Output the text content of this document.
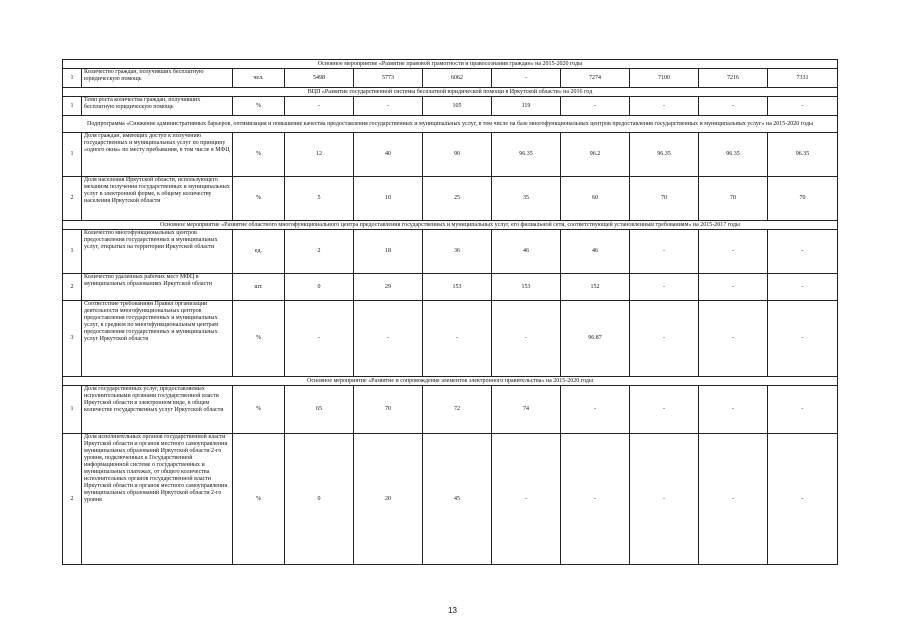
Основное мероприятие «Развитие правовой грамотности и правосознания граждан» на 2015-2020 годы										
1	Количество граждан, получивших бесплатную юридическую помощь	чел.	5498	5773	6062	-	7274	7100	7216	7331
ВЦП «Развитие государственной системы бесплатной юридической помощи в Иркутской области» на 2016 год										
1	Темп роста количества граждан, получивших бесплатную юридическую помощь	%	-	-	105	119	-	-	-	-
Подпрограмма «Снижение административных барьеров, оптимизация и повышение качества предоставления государственных и муниципальных услуг, в том числе на базе многофункциональных центров предоставления государственных и муниципальных услуг» на 2015-2020 годы										
1	Доля граждан, имеющих доступ к получению государственных и муниципальных услуг по принципу «одного окна» по месту пребывания, в том числе в МФЦ	%	12	40	90	96.35	96.2	96.35	96.35	96.35
2	Доля населения Иркутской области, использующего механизм получения государственных и муниципальных услуг в электронной форме, к общему количеству населения Иркутской области	%	5	10	25	35	60	70	70	70
Основное мероприятие «Развитие областного многофункционального центра предоставления государственных и муниципальных услуг, его филиальной сети, соответствующей установленным требованиям» на 2015-2017 годы										
1	Количество многофункциональных центров предоставления государственных и муниципальных услуг, открытых на территории Иркутской области	ед.	2	18	36	46	46	-	-	-
2	Количество удаленных рабочих мест МФЦ в муниципальных образованиях Иркутской области	шт.	0	29	153	153	152	-	-	-
3	Соответствие требованиям Правил организации деятельности многофункциональных центров предоставления государственных и муниципальных услуг, в среднем по многофункциональным центрам предоставления государственных и муниципальных услуг Иркутской области	%	-	-	-	-	96.87	-	-	-
Основное мероприятие «Развитие и сопровождение элементов электронного правительства» на 2015-2020 годы										
1	Доля государственных услуг, предоставляемых исполнительными органами государственной власти Иркутской области в электронном виде, в общем количестве государственных услуг Иркутской области	%	65	70	72	74	-	-	-	-
2	Доля исполнительных органов государственной власти Иркутской области и органов местного самоуправления муниципальных образований Иркутской области 2-го уровня, подключенных к Государственной информационной системе о государственных и муниципальных платежах, от общего количества исполнительных органов государственной власти Иркутской области и органов местного самоуправления муниципальных образований Иркутской области 2-го уровня	%	0	20	45	-	-	-	-	-
13
